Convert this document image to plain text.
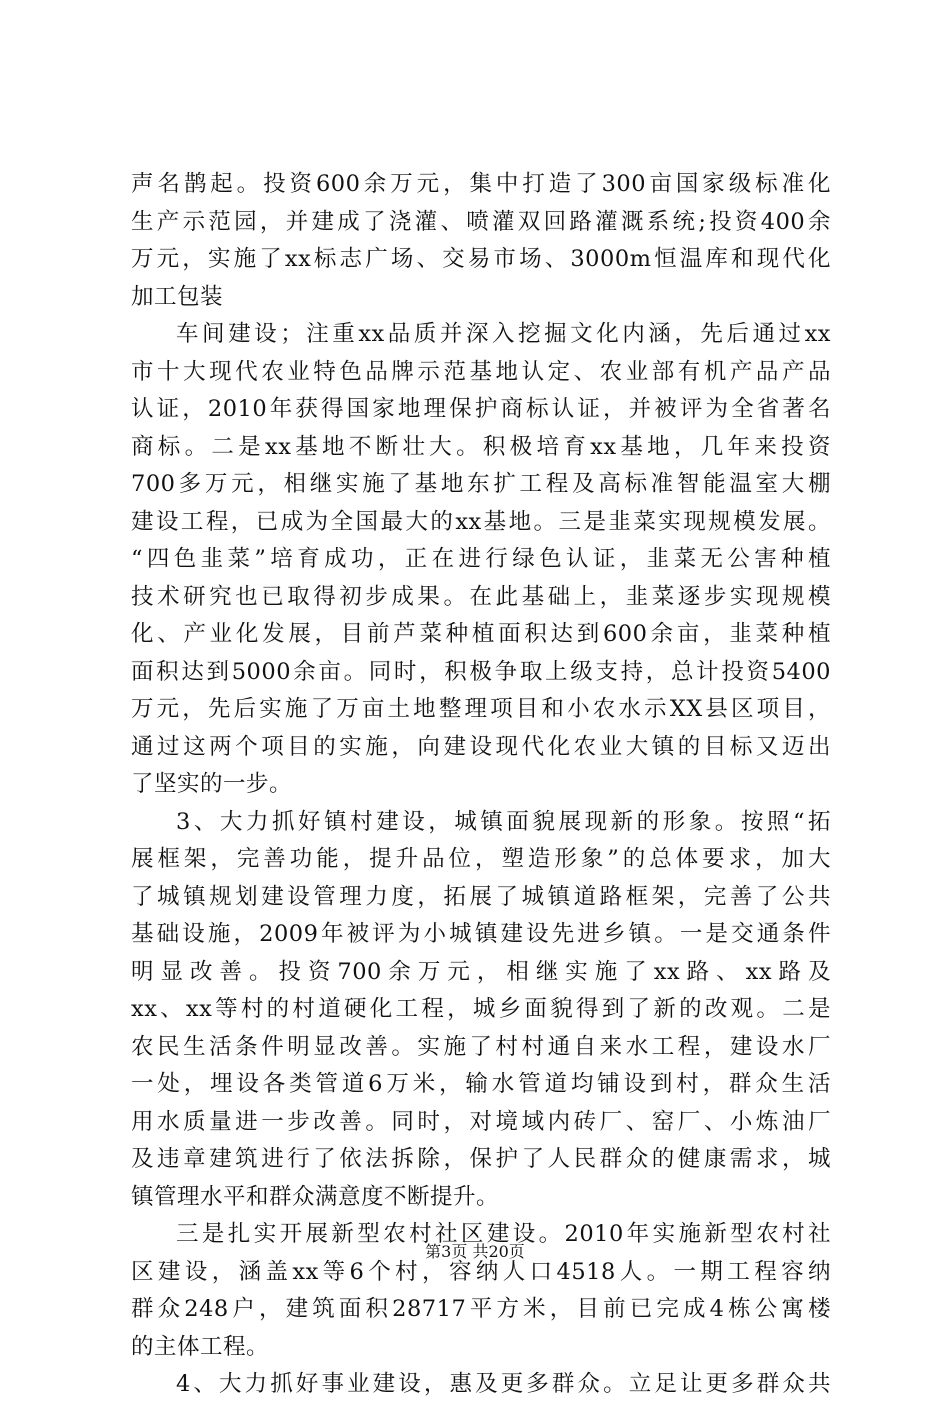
声名鹊起。投资600余万元，集中打造了300亩国家级标准化
生产示范园，并建成了浇灌、喷灌双回路灌溉系统;投资400余
万元，实施了xx标志广场、交易市场、3000m恒温库和现代化
加工包装
车间建设；注重xx品质并深入挖掘文化内涵，先后通过xx
市十大现代农业特色品牌示范基地认定、农业部有机产品产品
认证，2010年获得国家地理保护商标认证，并被评为全省著名
商标。二是xx基地不断壮大。积极培育xx基地，几年来投资
700多万元，相继实施了基地东扩工程及高标准智能温室大棚
建设工程，已成为全国最大的xx基地。三是韭菜实现规模发展。
“四色韭菜”培育成功，正在进行绿色认证，韭菜无公害种植
技术研究也已取得初步成果。在此基础上，韭菜逐步实现规模
化、产业化发展，目前芦菜种植面积达到600余亩，韭菜种植
面积达到5000余亩。同时，积极争取上级支持，总计投资5400
万元，先后实施了万亩土地整理项目和小农水示XX县区项目，
通过这两个项目的实施，向建设现代化农业大镇的目标又迈出
了坚实的一步。
3、大力抓好镇村建设，城镇面貌展现新的形象。按照“拓
展框架，完善功能，提升品位，塑造形象”的总体要求，加大
了城镇规划建设管理力度，拓展了城镇道路框架，完善了公共
基础设施，2009年被评为小城镇建设先进乡镇。一是交通条件
明显改善。投资700余万元，相继实施了xx路、xx路及
xx、xx等村的村道硬化工程，城乡面貌得到了新的改观。二是
农民生活条件明显改善。实施了村村通自来水工程，建设水厂
一处，埋设各类管道6万米，输水管道均铺设到村，群众生活
用水质量进一步改善。同时，对境域内砖厂、窑厂、小炼油厂
及违章建筑进行了依法拆除，保护了人民群众的健康需求，城
镇管理水平和群众满意度不断提升。
三是扎实开展新型农村社区建设。2010年实施新型农村社
区建设，涵盖xx等6个村，容纳人口4518人。一期工程容纳
群众248户，建筑面积28717平方米，目前已完成4栋公寓楼
的主体工程。
4、大力抓好事业建设，惠及更多群众。立足让更多群众共
第3页 共20页
